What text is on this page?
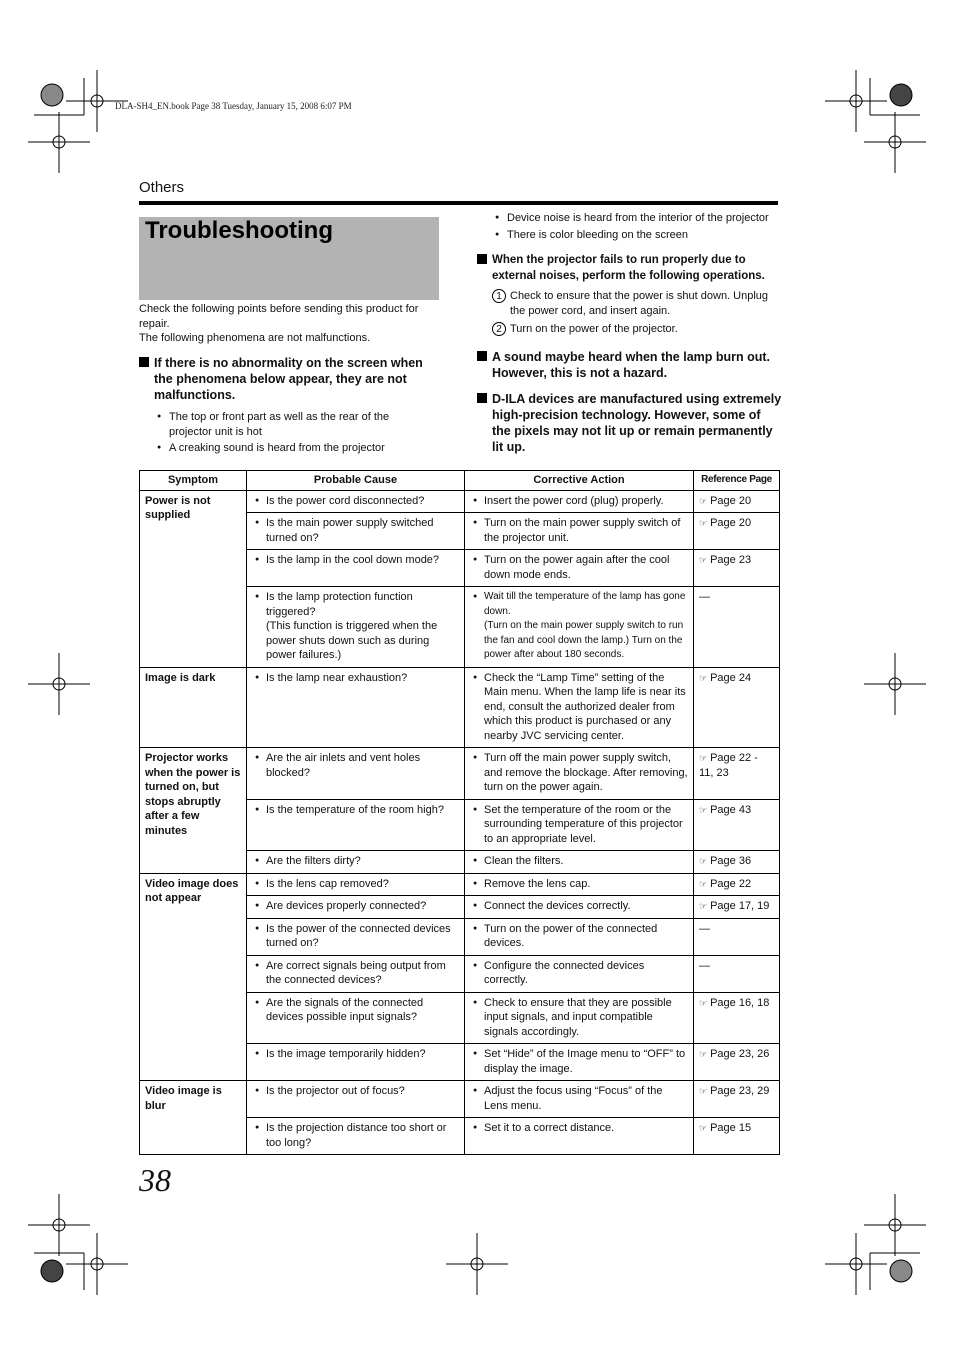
DLA-SH4_EN.book Page 38 Tuesday, January 15, 2008 6:07 PM
Others
Troubleshooting

Check the following points before sending this product for repair.

The following phenomena are not malfunctions.

If there is no abnormality on the screen when the phenomena below appear, they are not malfunctions.
● The top or front part as well as the rear of the projector unit is hot
● A creaking sound is heard from the projector
● Device noise is heard from the interior of the projector
● There is color bleeding on the screen
When the projector fails to run properly due to external noises, perform the following operations.
1 Check to ensure that the power is shut down. Unplug the power cord, and insert again.
2 Turn on the power of the projector.
A sound maybe heard when the lamp burn out. However, this is not a hazard.
D-ILA devices are manufactured using extremely high-precision technology. However, some of the pixels may not lit up or remain permanently lit up.
Symptom	Probable Cause	Corrective Action	Reference Page
Power is not supplied	● Is the power cord disconnected?	● Insert the power cord (plug) properly.	☞ Page 20

	● Is the main power supply switched turned on?	● Turn on the main power supply switch of the projector unit.	☞ Page 20

	● Is the lamp in the cool down mode?	● Turn on the power again after the cool down mode ends.	☞ Page 23

	● Is the lamp protection function triggered?
(This function is triggered when the power shuts down such as during power failures.)	● Wait till the temperature of the lamp has gone down.
(Turn on the main power supply switch to run the fan and cool down the lamp.) Turn on the power after about 180 seconds.	—
Image is dark	● Is the lamp near exhaustion?	● Check the “Lamp Time” setting of the Main menu. When the lamp life is near its end, consult the authorized dealer from which this product is purchased or any nearby JVC servicing center.	☞ Page 24
Projector works when the power is turned on, but stops abruptly after a few minutes	● Are the air inlets and vent holes blocked?	● Turn off the main power supply switch, and remove the blockage. After removing, turn on the power again.	☞ Page 22 -
11, 23

	● Is the temperature of the room high?	● Set the temperature of the room or the surrounding temperature of this projector to an appropriate level.	☞ Page 43

	● Are the filters dirty?	● Clean the filters.	☞ Page 36
Video image does not appear	● Is the lens cap removed?	● Remove the lens cap.	☞ Page 22

	● Are devices properly connected?	● Connect the devices correctly.	☞ Page 17, 19

	● Is the power of the connected devices turned on?	● Turn on the power of the connected devices.	—

	● Are correct signals being output from the connected devices?	● Configure the connected devices correctly.	—

	● Are the signals of the connected devices possible input signals?	● Check to ensure that they are possible input signals, and input compatible signals accordingly.	☞ Page 16, 18

	● Is the image temporarily hidden?	● Set “Hide” of the Image menu to “OFF” to display the image.	☞ Page 23, 26
Video image is blur	● Is the projector out of focus?	● Adjust the focus using “Focus” of the Lens menu.	☞ Page 23, 29

	● Is the projection distance too short or too long?	● Set it to a correct distance.	☞ Page 15
38
